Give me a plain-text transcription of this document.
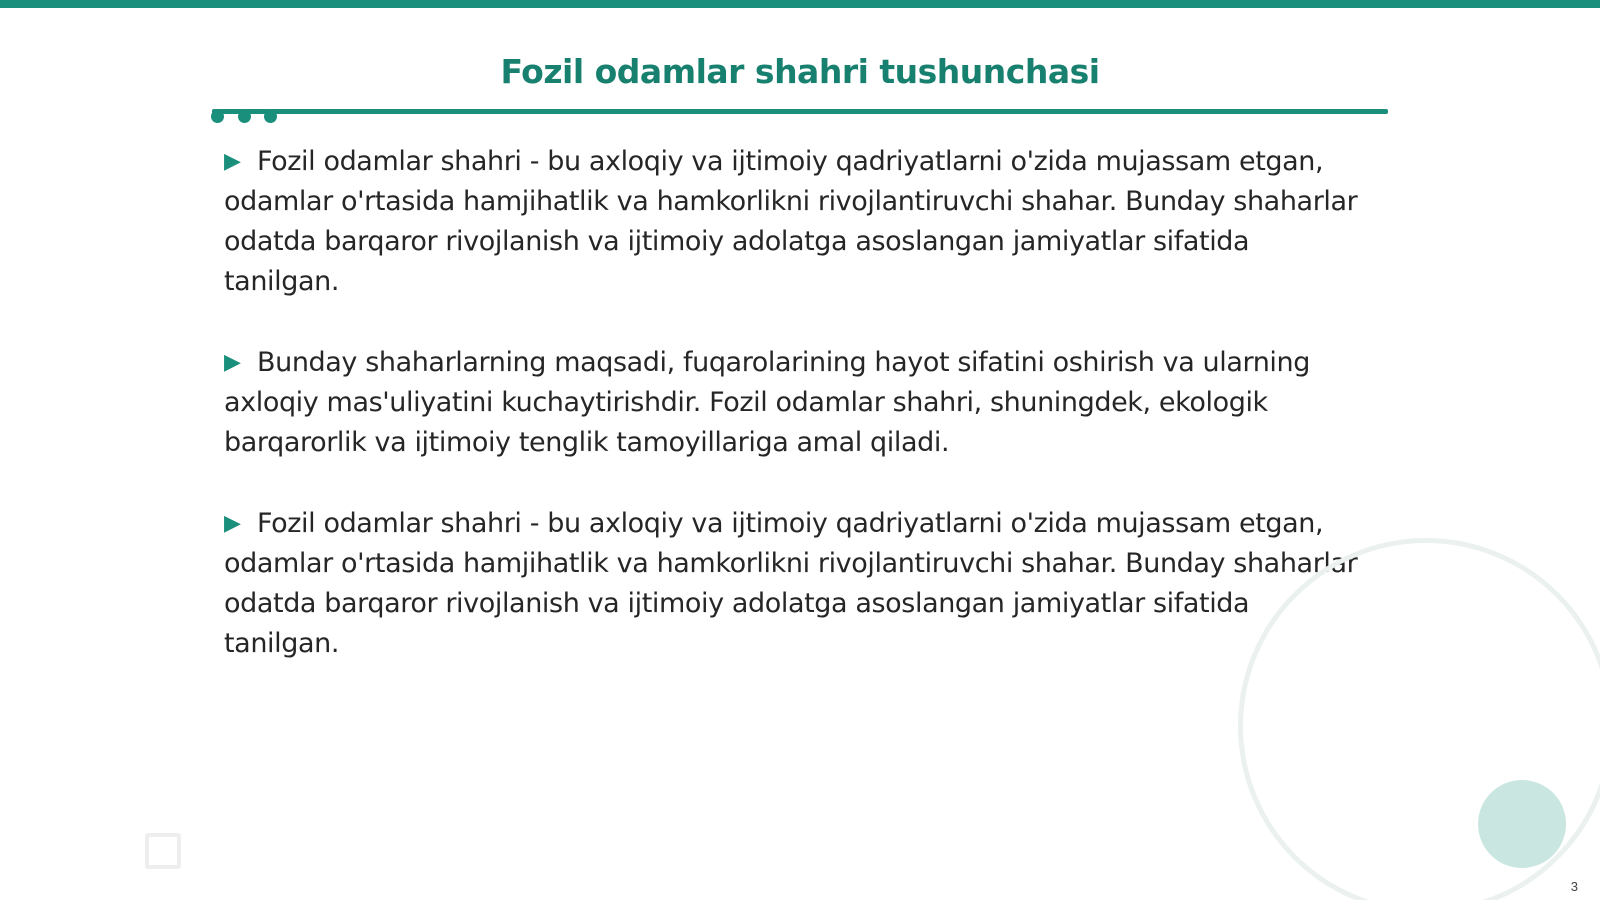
Fozil odamlar shahri tushunchasi

▶ Fozil odamlar shahri - bu axloqiy va ijtimoiy qadriyatlarni o'zida mujassam etgan, odamlar o'rtasida hamjihatlik va hamkorlikni rivojlantiruvchi shahar. Bunday shaharlar odatda barqaror rivojlanish va ijtimoiy adolatga asoslangan jamiyatlar sifatida tanilgan.

▶ Bunday shaharlarning maqsadi, fuqarolarining hayot sifatini oshirish va ularning axloqiy mas'uliyatini kuchaytirishdir. Fozil odamlar shahri, shuningdek, ekologik barqarorlik va ijtimoiy tenglik tamoyillariga amal qiladi.

▶ Fozil odamlar shahri - bu axloqiy va ijtimoiy qadriyatlarni o'zida mujassam etgan, odamlar o'rtasida hamjihatlik va hamkorlikni rivojlantiruvchi shahar. Bunday shaharlar odatda barqaror rivojlanish va ijtimoiy adolatga asoslangan jamiyatlar sifatida tanilgan.

3
